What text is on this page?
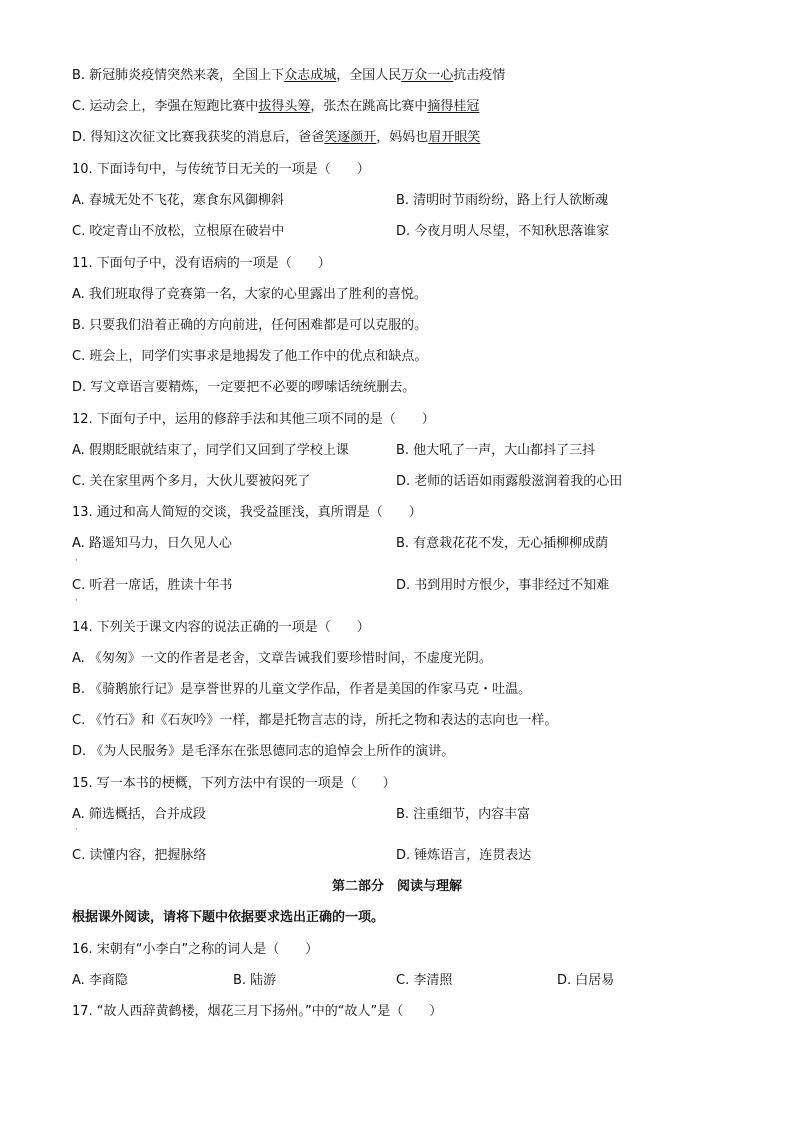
B. 新冠肺炎疫情突然来袭，全国上下众志成城，全国人民万众一心抗击疫情
C. 运动会上，李强在短跑比赛中拔得头筹，张杰在跳高比赛中摘得桂冠
D. 得知这次征文比赛我获奖的消息后，爸爸笑逐颜开，妈妈也眉开眼笑
10. 下面诗句中，与传统节日无关的一项是（　　）
A. 春城无处不飞花，寒食东风御柳斜	B. 清明时节雨纷纷，路上行人欲断魂
C. 咬定青山不放松，立根原在破岩中	D. 今夜月明人尽望，不知秋思落谁家
11. 下面句子中，没有语病的一项是（　　）
A. 我们班取得了竞赛第一名，大家的心里露出了胜利的喜悦。
B. 只要我们沿着正确的方向前进，任何困难都是可以克服的。
C. 班会上，同学们实事求是地揭发了他工作中的优点和缺点。
D. 写文章语言要精炼，一定要把不必要的啰嗦话统统删去。
12. 下面句子中，运用的修辞手法和其他三项不同的是（　　）
A. 假期眨眼就结束了，同学们又回到了学校上课	B. 他大吼了一声，大山都抖了三抖
C. 关在家里两个多月，大伙儿要被闷死了	D. 老师的话语如雨露般滋润着我的心田
13. 通过和高人简短的交谈，我受益匪浅，真所谓是（　　）
A. 路遥知马力，日久见人心	B. 有意栽花花不发，无心插柳柳成荫
·
C. 听君一席话，胜读十年书	D. 书到用时方恨少，事非经过不知难
·
14. 下列关于课文内容的说法正确的一项是（　　）
A. 《匆匆》一文的作者是老舍，文章告诫我们要珍惜时间，不虚度光阴。
B. 《骑鹅旅行记》是享誉世界的儿童文学作品，作者是美国的作家马克・吐温。
C. 《竹石》和《石灰吟》一样，都是托物言志的诗，所托之物和表达的志向也一样。
D. 《为人民服务》是毛泽东在张思德同志的追悼会上所作的演讲。
15. 写一本书的梗概，下列方法中有误的一项是（　　）
A. 筛选概括，合并成段	B. 注重细节，内容丰富
·
C. 读懂内容，把握脉络	D. 锤炼语言，连贯表达
第二部分　阅读与理解
根据课外阅读，请将下题中依据要求选出正确的一项。
16. 宋朝有“小李白”之称的词人是（　　）
A. 李商隐	B. 陆游	C. 李清照	D. 白居易
17. “故人西辞黄鹤楼，烟花三月下扬州。”中的“故人”是（　　）
